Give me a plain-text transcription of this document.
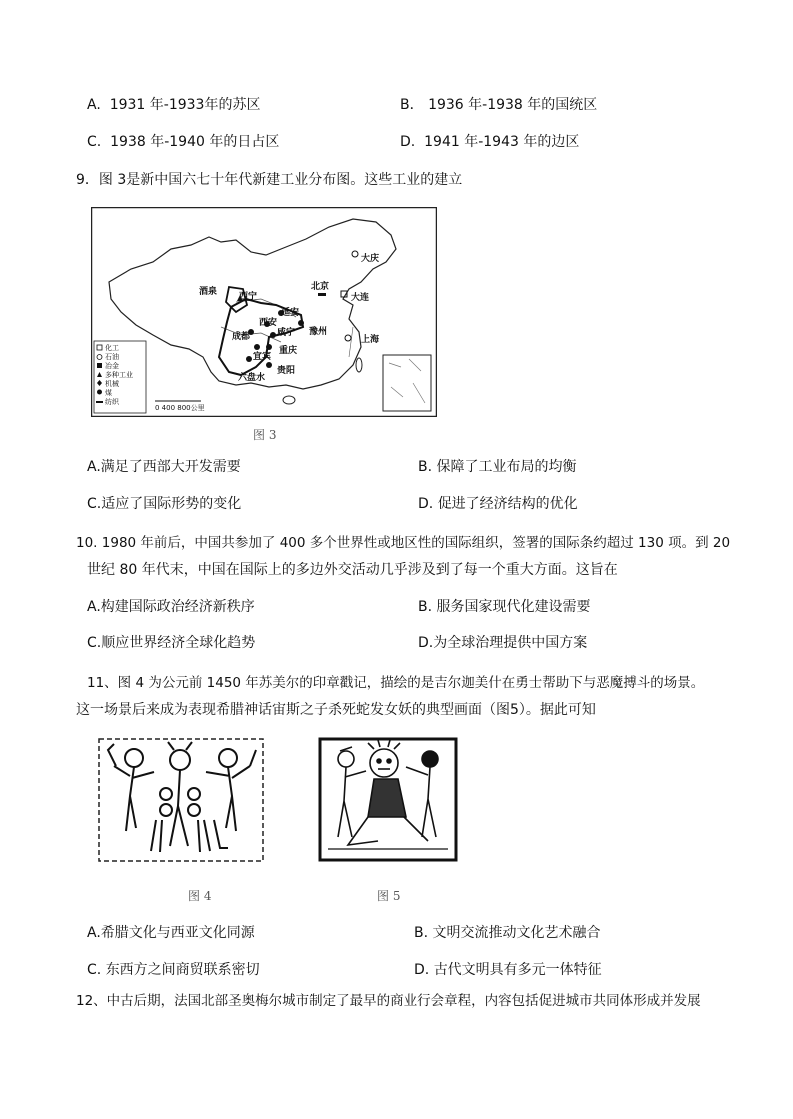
A.  1931 年-1933年的苏区	B． 1936 年-1938 年的国统区
C.  1938 年-1940 年的日占区	D.  1941 年-1943 年的边区
9．图 3是新中国六七十年代新建工业分布图。这些工业的建立
大庆
北京
大连
酒泉 西宁
延安
西安
成都	咸宁 豫州
上海
宜宾
重庆
六盘水
贵阳
化工
石油
冶金
多种工业
机械
煤
纺织
0 400 800公里
图 3
A.满足了西部大开发需要	B. 保障了工业布局的均衡
C.适应了国际形势的变化	D. 促进了经济结构的优化
10. 1980 年前后，中国共参加了 400 多个世界性或地区性的国际组织，签署的国际条约超过 130 项。到 20
世纪 80 年代末，中国在国际上的多边外交活动几乎涉及到了每一个重大方面。这旨在
A.构建国际政治经济新秩序	B. 服务国家现代化建设需要
C.顺应世界经济全球化趋势	D.为全球治理提供中国方案
11、图 4 为公元前 1450 年苏美尔的印章戳记，描绘的是吉尔迦美什在勇士帮助下与恶魔搏斗的场景。
这一场景后来成为表现希腊神话宙斯之子杀死蛇发女妖的典型画面（图5）。据此可知
图 4	图 5
A.希腊文化与西亚文化同源	B. 文明交流推动文化艺术融合
C. 东西方之间商贸联系密切	D. 古代文明具有多元一体特征
12、中古后期，法国北部圣奥梅尔城市制定了最早的商业行会章程，内容包括促进城市共同体形成并发展
